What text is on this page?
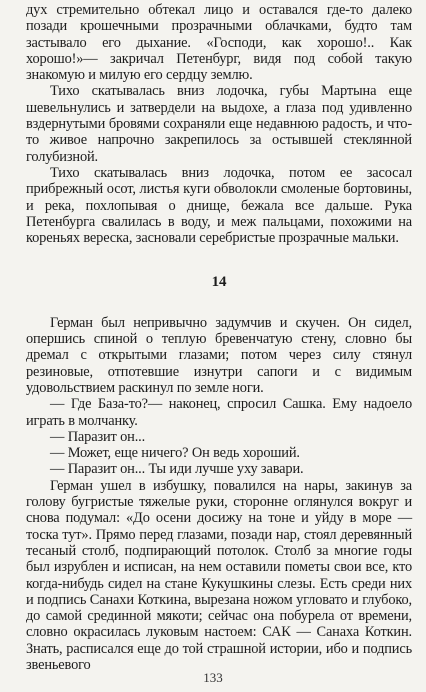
дух стремительно обтекал лицо и оставался где-то далеко позади крошечными прозрачными облачками, будто там застывало его дыхание. «Господи, как хорошо!.. Как хорошо!»— закричал Петенбург, видя под собой такую знакомую и милую его сердцу землю.

Тихо скатывалась вниз лодочка, губы Мартына еще шевельнулись и затвердели на выдохе, а глаза под удивленно вздернутыми бровями сохраняли еще недавнюю радость, и что-то живое напрочно закрепилось за остывшей стеклянной голубизной.

Тихо скатывалась вниз лодочка, потом ее засосал прибрежный осот, листья куги обволокли смоленые бортовины, и река, похлопывая о днище, бежала все дальше. Рука Петенбурга свалилась в воду, и меж пальцами, похожими на кореньях вереска, засновали серебристые прозрачные мальки.

14

Герман был непривычно задумчив и скучен. Он сидел, опершись спиной о теплую бревенчатую стену, словно бы дремал с открытыми глазами; потом через силу стянул резиновые, отпотевшие изнутри сапоги и с видимым удовольствием раскинул по земле ноги.

— Где Базa-то?— наконец, спросил Сашка. Ему надоело играть в молчанку.

— Паразит он...

— Может, еще ничего? Он ведь хороший.

— Паразит он... Ты иди лучше уху завари.

Герман ушел в избушку, повалился на нары, закинув за голову бугристые тяжелые руки, сторонне оглянулся вокруг и снова подумал: «До осени досижу на тоне и уйду в море — тоска тут». Прямо перед глазами, позади нар, стоял деревянный тесаный столб, подпирающий потолок. Столб за многие годы был изрублен и исписан, на нем оставили пометы свои все, кто когда-нибудь сидел на стане Кукушкины слезы. Есть среди них и подпись Санахи Коткина, вырезана ножом угловато и глубоко, до самой срединной мякоти; сейчас она побурела от времени, словно окрасилась луковым настоем: САК — Санаха Коткин. Знать, расписался еще до той страшной истории, ибо и подпись звеньевого

133
